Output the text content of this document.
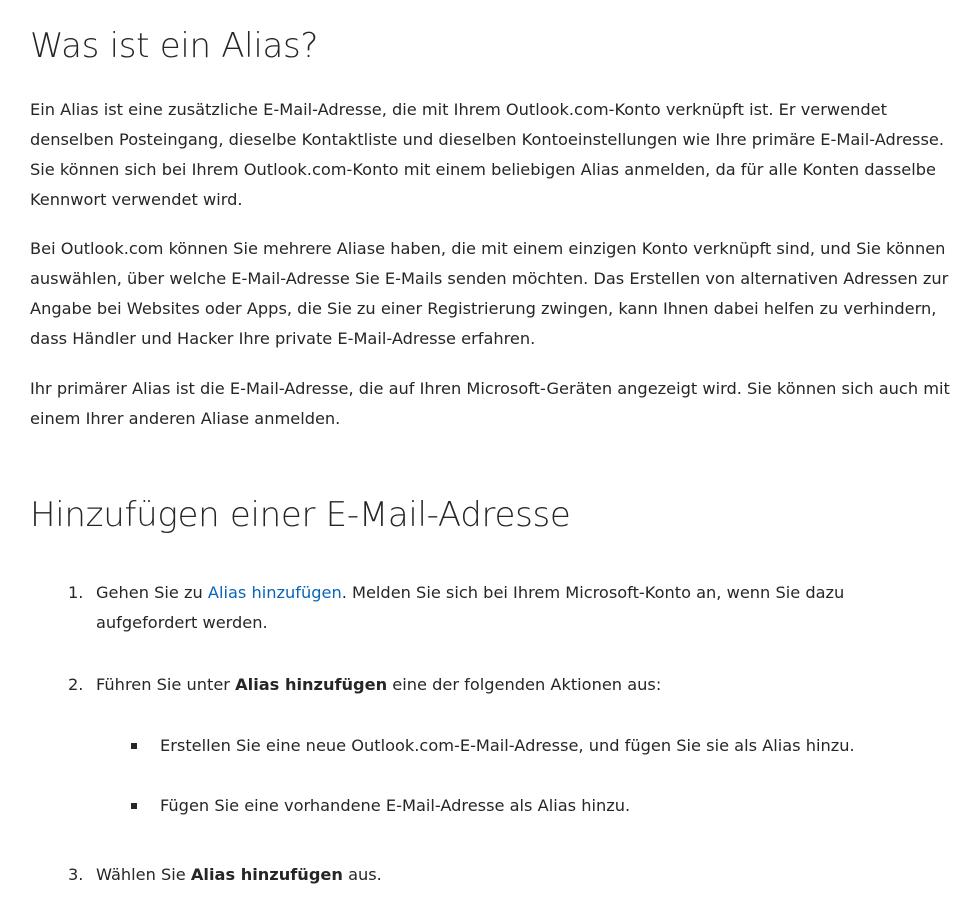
Was ist ein Alias?

Ein Alias ist eine zusätzliche E-Mail-Adresse, die mit Ihrem Outlook.com-Konto verknüpft ist. Er verwendet denselben Posteingang, dieselbe Kontaktliste und dieselben Kontoeinstellungen wie Ihre primäre E-Mail-Adresse. Sie können sich bei Ihrem Outlook.com-Konto mit einem beliebigen Alias anmelden, da für alle Konten dasselbe Kennwort verwendet wird.

Bei Outlook.com können Sie mehrere Aliase haben, die mit einem einzigen Konto verknüpft sind, und Sie können auswählen, über welche E-Mail-Adresse Sie E-Mails senden möchten. Das Erstellen von alternativen Adressen zur Angabe bei Websites oder Apps, die Sie zu einer Registrierung zwingen, kann Ihnen dabei helfen zu verhindern, dass Händler und Hacker Ihre private E-Mail-Adresse erfahren.

Ihr primärer Alias ist die E-Mail-Adresse, die auf Ihren Microsoft-Geräten angezeigt wird. Sie können sich auch mit einem Ihrer anderen Aliase anmelden.

Hinzufügen einer E-Mail-Adresse
1. Gehen Sie zu Alias hinzufügen. Melden Sie sich bei Ihrem Microsoft-Konto an, wenn Sie dazu aufgefordert werden.
2. Führen Sie unter Alias hinzufügen eine der folgenden Aktionen aus:
Erstellen Sie eine neue Outlook.com-E-Mail-Adresse, und fügen Sie sie als Alias hinzu.
Fügen Sie eine vorhandene E-Mail-Adresse als Alias hinzu.
3. Wählen Sie Alias hinzufügen aus.
